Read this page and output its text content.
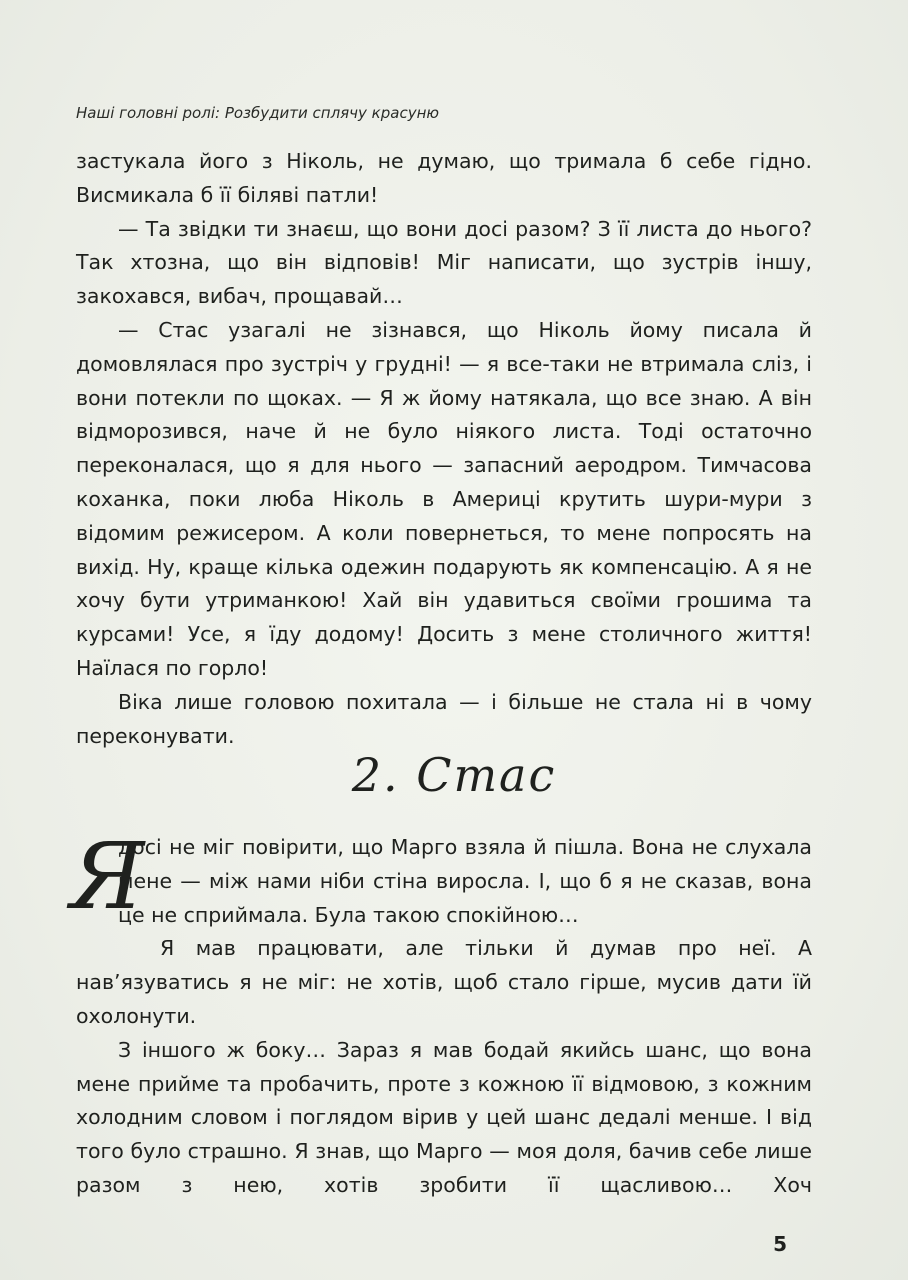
Наші головні ролі: Розбудити сплячу красуню

застукала його з Ніколь, не думаю, що тримала б себе гідно. Висмикала б її біляві патли!

— Та звідки ти знаєш, що вони досі разом? З її листа до нього? Так хтозна, що він відповів! Міг написати, що зустрів іншу, закохався, вибач, прощавай…

— Стас узагалі не зізнався, що Ніколь йому писала й домовлялася про зустріч у грудні! — я все-таки не втримала сліз, і вони потекли по щоках. — Я ж йому натякала, що все знаю. А він відморозився, наче й не було ніякого листа. Тоді остаточно переконалася, що я для нього — запасний аеродром. Тимчасова коханка, поки люба Ніколь в Америці крутить шури-мури з відомим режисером. А коли повернеться, то мене попросять на вихід. Ну, краще кілька одежин подарують як компенсацію. А я не хочу бути утриманкою! Хай він удавиться своїми грошима та курсами! Усе, я їду додому! Досить з мене столичного життя! Наїлася по горло!

Віка лише головою похитала — і більше не стала ні в чому переконувати.

2. Стас

Я
досі не міг повірити, що Марго взяла й пішла. Вона не слухала мене — між нами ніби стіна виросла. І, що б я не сказав, вона це не сприймала. Була такою спокійною…

Я мав працювати, але тільки й думав про неї. А нав’язуватись я не міг: не хотів, щоб стало гірше, мусив дати їй охолонути.

З іншого ж боку… Зараз я мав бодай якийсь шанс, що вона мене прийме та пробачить, проте з кожною її відмовою, з кожним холодним словом і поглядом вірив у цей шанс дедалі менше. І від того було страшно. Я знав, що Марго — моя доля, бачив себе лише разом з нею, хотів зробити її щасливою… Хоч

5
